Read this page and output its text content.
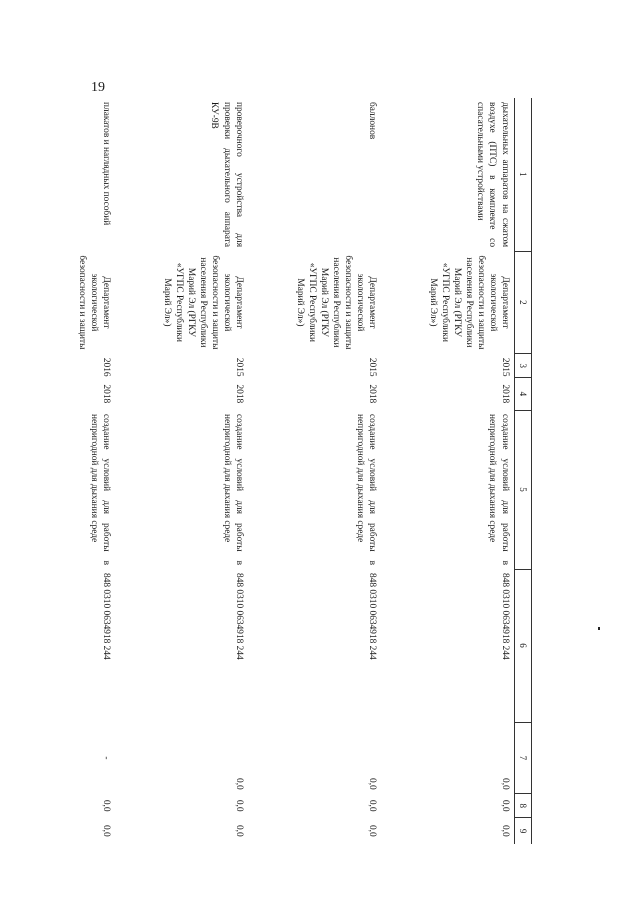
19
1	2	3	4	5	6	7	8	9
дыхательных аппаратов на сжатом воздухе (ПТС) в комплекте со спасательными устройствами	Департамент экологической безопасности и защиты населения Республики Марий Эл (РГКУ «УГПС Республики Марий Эл»)	2015	2018	создание условий для работы в непригодной для дыхания среде	848 0310 0634918 244	0,0	0,0	0,0
баллонов	Департамент экологической безопасности и защиты населения Республики Марий Эл (РГКУ «УГПС Республики Марий Эл»)	2015	2018	создание условий для работы в непригодной для дыхания среде	848 0310 0634918 244	0,0	0,0	0,0
проверочного устройства для проверки дыхательного аппарата КУ-9В	Департамент экологической безопасности и защиты населения Республики Марий Эл (РГКУ «УГПС Республики Марий Эл»)	2015	2018	создание условий для работы в непригодной для дыхания среде	848 0310 0634918 244	0,0	0,0	0,0
плакатов и наглядных пособий	Департамент экологической безопасности и защиты	2016	2018	создание условий для работы в непригодной для дыхания среде	848 0310 0634918 244	-	0,0	0,0
